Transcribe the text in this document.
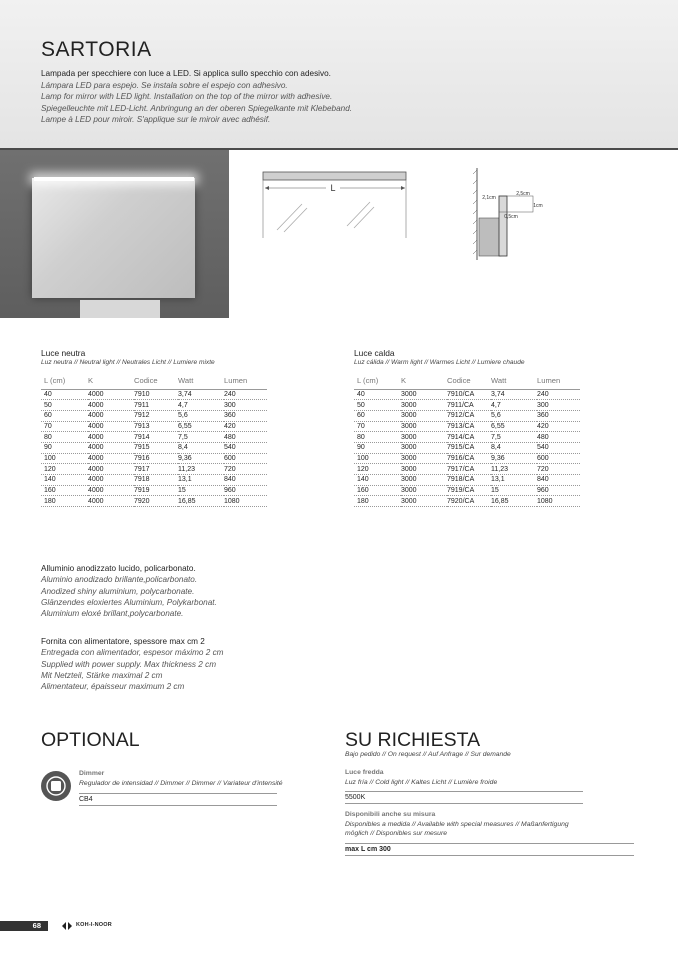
SARTORIA
Lampada per specchiere con luce a LED. Si applica sullo specchio con adesivo.
Lámpara LED para espejo. Se instala sobre el espejo con adhesivo.
Lamp for mirror with LED light. Installation on the top of the mirror with adhesive.
Spiegelleuchte mit LED-Licht. Anbringung an der oberen Spiegelkante mit Klebeband.
Lampe à LED pour miroir. S'applique sur le miroir avec adhésif.
L
2,5cm
2,1cm
1cm
0,5cm
Luce neutra
Luz neutra // Neutral light // Neutrales Licht // Lumiere mixte
L (cm)	K	Codice	Watt	Lumen
40	4000	7910	3,74	240
50	4000	7911	4,7	300
60	4000	7912	5,6	360
70	4000	7913	6,55	420
80	4000	7914	7,5	480
90	4000	7915	8,4	540
100	4000	7916	9,36	600
120	4000	7917	11,23	720
140	4000	7918	13,1	840
160	4000	7919	15	960
180	4000	7920	16,85	1080
Luce calda
Luz cálida // Warm light // Warmes Licht // Lumiere chaude
L (cm)	K	Codice	Watt	Lumen
40	3000	7910/CA	3,74	240
50	3000	7911/CA	4,7	300
60	3000	7912/CA	5,6	360
70	3000	7913/CA	6,55	420
80	3000	7914/CA	7,5	480
90	3000	7915/CA	8,4	540
100	3000	7916/CA	9,36	600
120	3000	7917/CA	11,23	720
140	3000	7918/CA	13,1	840
160	3000	7919/CA	15	960
180	3000	7920/CA	16,85	1080
Alluminio anodizzato lucido, policarbonato.
Aluminio anodizado brillante,policarbonato.
Anodized shiny aluminium, polycarbonate.
Glänzendes eloxiertes Aluminium, Polykarbonat.
Aluminium eloxé brillant,polycarbonate.
Fornita con alimentatore, spessore max cm 2
Entregada con alimentador, espesor máximo 2 cm
Supplied with power supply. Max thickness 2 cm
Mit Netzteil, Stärke maximal 2 cm
Alimentateur, épaisseur maximum 2 cm
OPTIONAL
Dimmer
Regulador de intensidad // Dimmer // Dimmer // Variateur d'intensité
CB4
SU RICHIESTA
Bajo pedido // On request // Auf Anfrage // Sur demande
Luce fredda
Luz fría // Cold light // Kaltes Licht // Lumière froide
5500K
Disponibili anche su misura
Disponibles a medida // Available with special measures // Maßanfertigung
möglich // Disponibles sur mesure
max L cm 300
68	KOH-I-NOOR
